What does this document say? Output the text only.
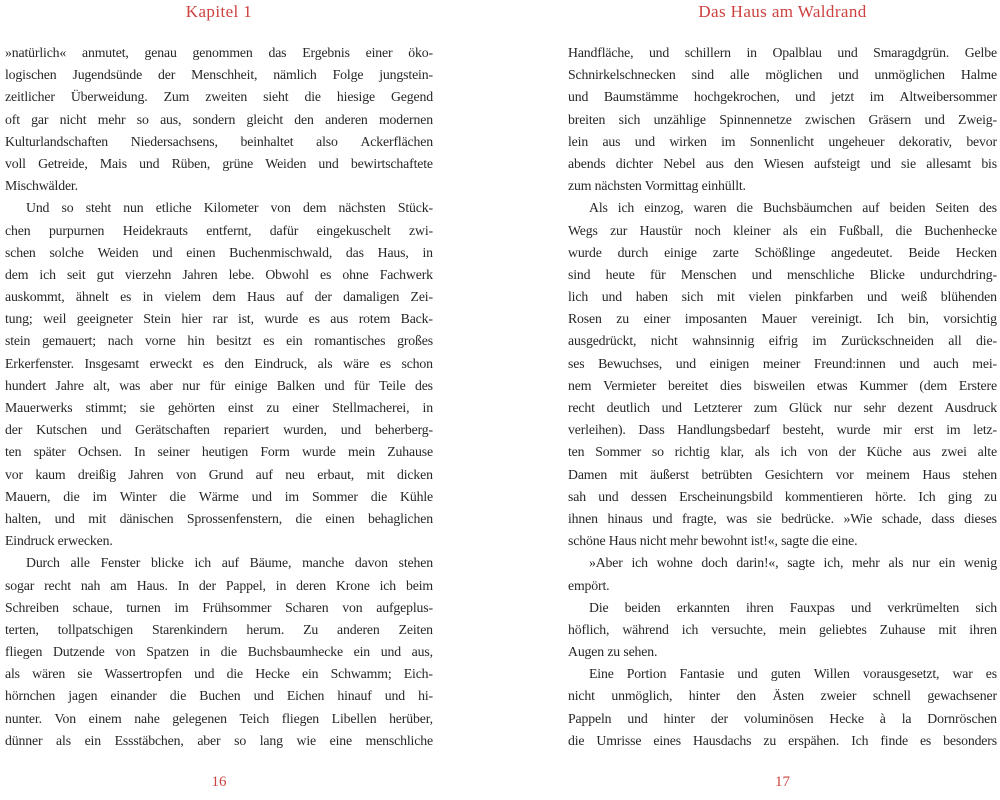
Kapitel 1
»natürlich« anmutet, genau genommen das Ergebnis einer öko-
logischen Jugendsünde der Menschheit, nämlich Folge jungstein-
zeitlicher Überweidung. Zum zweiten sieht die hiesige Gegend
oft gar nicht mehr so aus, sondern gleicht den anderen modernen
Kulturlandschaften Niedersachsens, beinhaltet also Ackerflächen
voll Getreide, Mais und Rüben, grüne Weiden und bewirtschaftete
Mischwälder.
Und so steht nun etliche Kilometer von dem nächsten Stück-
chen purpurnen Heidekrauts entfernt, dafür eingekuschelt zwi-
schen solche Weiden und einen Buchenmischwald, das Haus, in
dem ich seit gut vierzehn Jahren lebe. Obwohl es ohne Fachwerk
auskommt, ähnelt es in vielem dem Haus auf der damaligen Zei-
tung; weil geeigneter Stein hier rar ist, wurde es aus rotem Back-
stein gemauert; nach vorne hin besitzt es ein romantisches großes
Erkerfenster. Insgesamt erweckt es den Eindruck, als wäre es schon
hundert Jahre alt, was aber nur für einige Balken und für Teile des
Mauerwerks stimmt; sie gehörten einst zu einer Stellmacherei, in
der Kutschen und Gerätschaften repariert wurden, und beherberg-
ten später Ochsen. In seiner heutigen Form wurde mein Zuhause
vor kaum dreißig Jahren von Grund auf neu erbaut, mit dicken
Mauern, die im Winter die Wärme und im Sommer die Kühle
halten, und mit dänischen Sprossenfenstern, die einen behaglichen
Eindruck erwecken.
Durch alle Fenster blicke ich auf Bäume, manche davon stehen
sogar recht nah am Haus. In der Pappel, in deren Krone ich beim
Schreiben schaue, turnen im Frühsommer Scharen von aufgeplus-
terten, tollpatschigen Starenkindern herum. Zu anderen Zeiten
fliegen Dutzende von Spatzen in die Buchsbaumhecke ein und aus,
als wären sie Wassertropfen und die Hecke ein Schwamm; Eich-
hörnchen jagen einander die Buchen und Eichen hinauf und hi-
nunter. Von einem nahe gelegenen Teich fliegen Libellen herüber,
dünner als ein Essstäbchen, aber so lang wie eine menschliche
16
Das Haus am Waldrand
Handfläche, und schillern in Opalblau und Smaragdgrün. Gelbe
Schnirkelschnecken sind alle möglichen und unmöglichen Halme
und Baumstämme hochgekrochen, und jetzt im Altweibersommer
breiten sich unzählige Spinnennetze zwischen Gräsern und Zweig-
lein aus und wirken im Sonnenlicht ungeheuer dekorativ, bevor
abends dichter Nebel aus den Wiesen aufsteigt und sie allesamt bis
zum nächsten Vormittag einhüllt.
Als ich einzog, waren die Buchsbäumchen auf beiden Seiten des
Wegs zur Haustür noch kleiner als ein Fußball, die Buchenhecke
wurde durch einige zarte Schößlinge angedeutet. Beide Hecken
sind heute für Menschen und menschliche Blicke undurchdring-
lich und haben sich mit vielen pinkfarben und weiß blühenden
Rosen zu einer imposanten Mauer vereinigt. Ich bin, vorsichtig
ausgedrückt, nicht wahnsinnig eifrig im Zurückschneiden all die-
ses Bewuchses, und einigen meiner Freund:innen und auch mei-
nem Vermieter bereitet dies bisweilen etwas Kummer (dem Erstere
recht deutlich und Letzterer zum Glück nur sehr dezent Ausdruck
verleihen). Dass Handlungsbedarf besteht, wurde mir erst im letz-
ten Sommer so richtig klar, als ich von der Küche aus zwei alte
Damen mit äußerst betrübten Gesichtern vor meinem Haus stehen
sah und dessen Erscheinungsbild kommentieren hörte. Ich ging zu
ihnen hinaus und fragte, was sie bedrücke. »Wie schade, dass dieses
schöne Haus nicht mehr bewohnt ist!«, sagte die eine.
»Aber ich wohne doch darin!«, sagte ich, mehr als nur ein wenig
empört.
Die beiden erkannten ihren Fauxpas und verkrümelten sich
höflich, während ich versuchte, mein geliebtes Zuhause mit ihren
Augen zu sehen.
Eine Portion Fantasie und guten Willen vorausgesetzt, war es
nicht unmöglich, hinter den Ästen zweier schnell gewachsener
Pappeln und hinter der voluminösen Hecke à la Dornröschen
die Umrisse eines Hausdachs zu erspähen. Ich finde es besonders
17
